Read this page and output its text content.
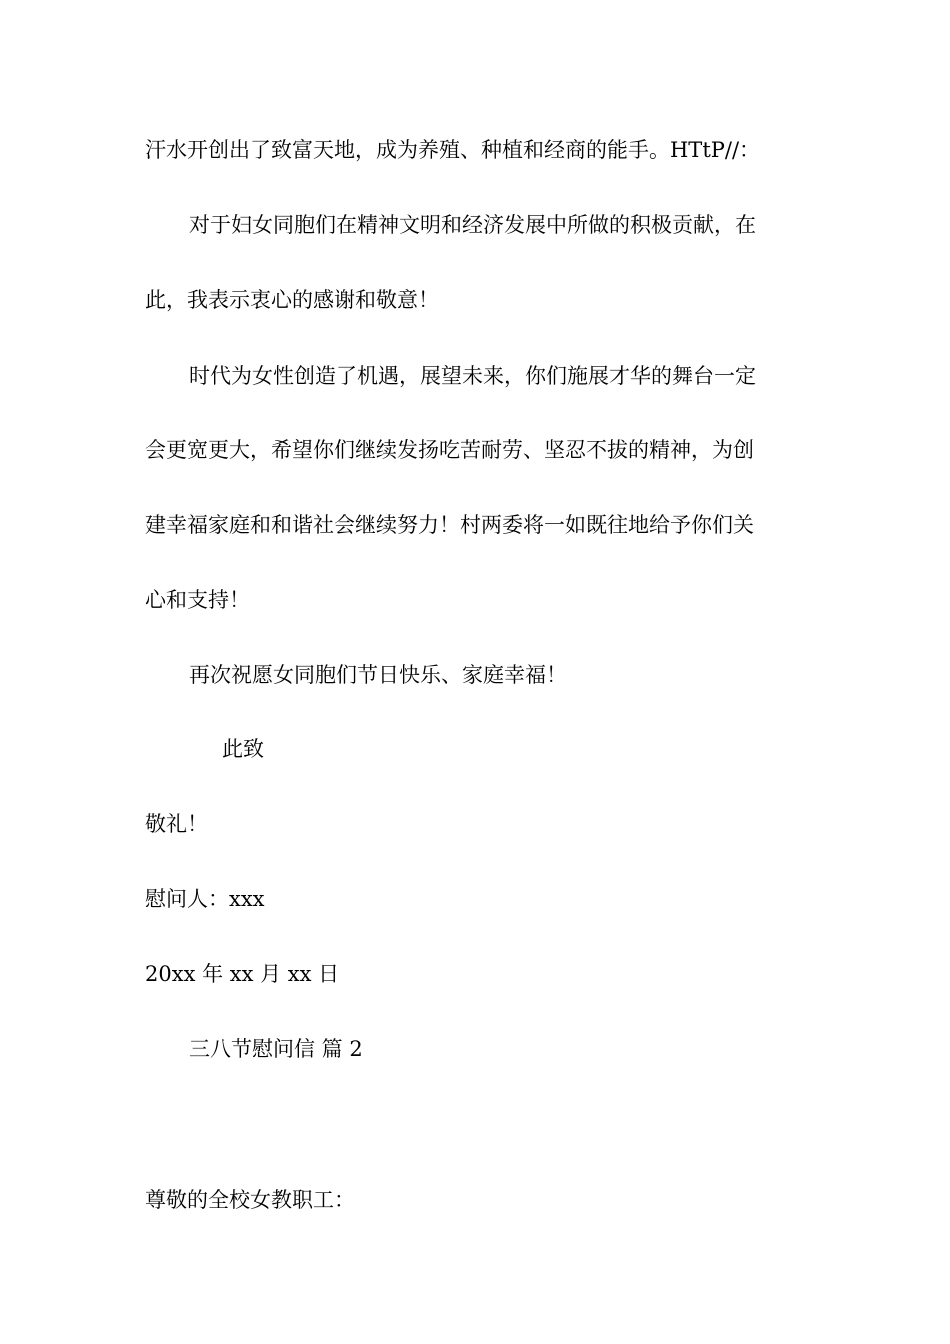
汗水开创出了致富天地，成为养殖、种植和经商的能手。HTtP//：
对于妇女同胞们在精神文明和经济发展中所做的积极贡献，在
此，我表示衷心的感谢和敬意！
时代为女性创造了机遇，展望未来，你们施展才华的舞台一定
会更宽更大，希望你们继续发扬吃苦耐劳、坚忍不拔的精神，为创
建幸福家庭和和谐社会继续努力！村两委将一如既往地给予你们关
心和支持！
再次祝愿女同胞们节日快乐、家庭幸福！
此致
敬礼！
慰问人：xxx
20xx 年 xx 月 xx 日
三八节慰问信 篇 2
尊敬的全校女教职工：
